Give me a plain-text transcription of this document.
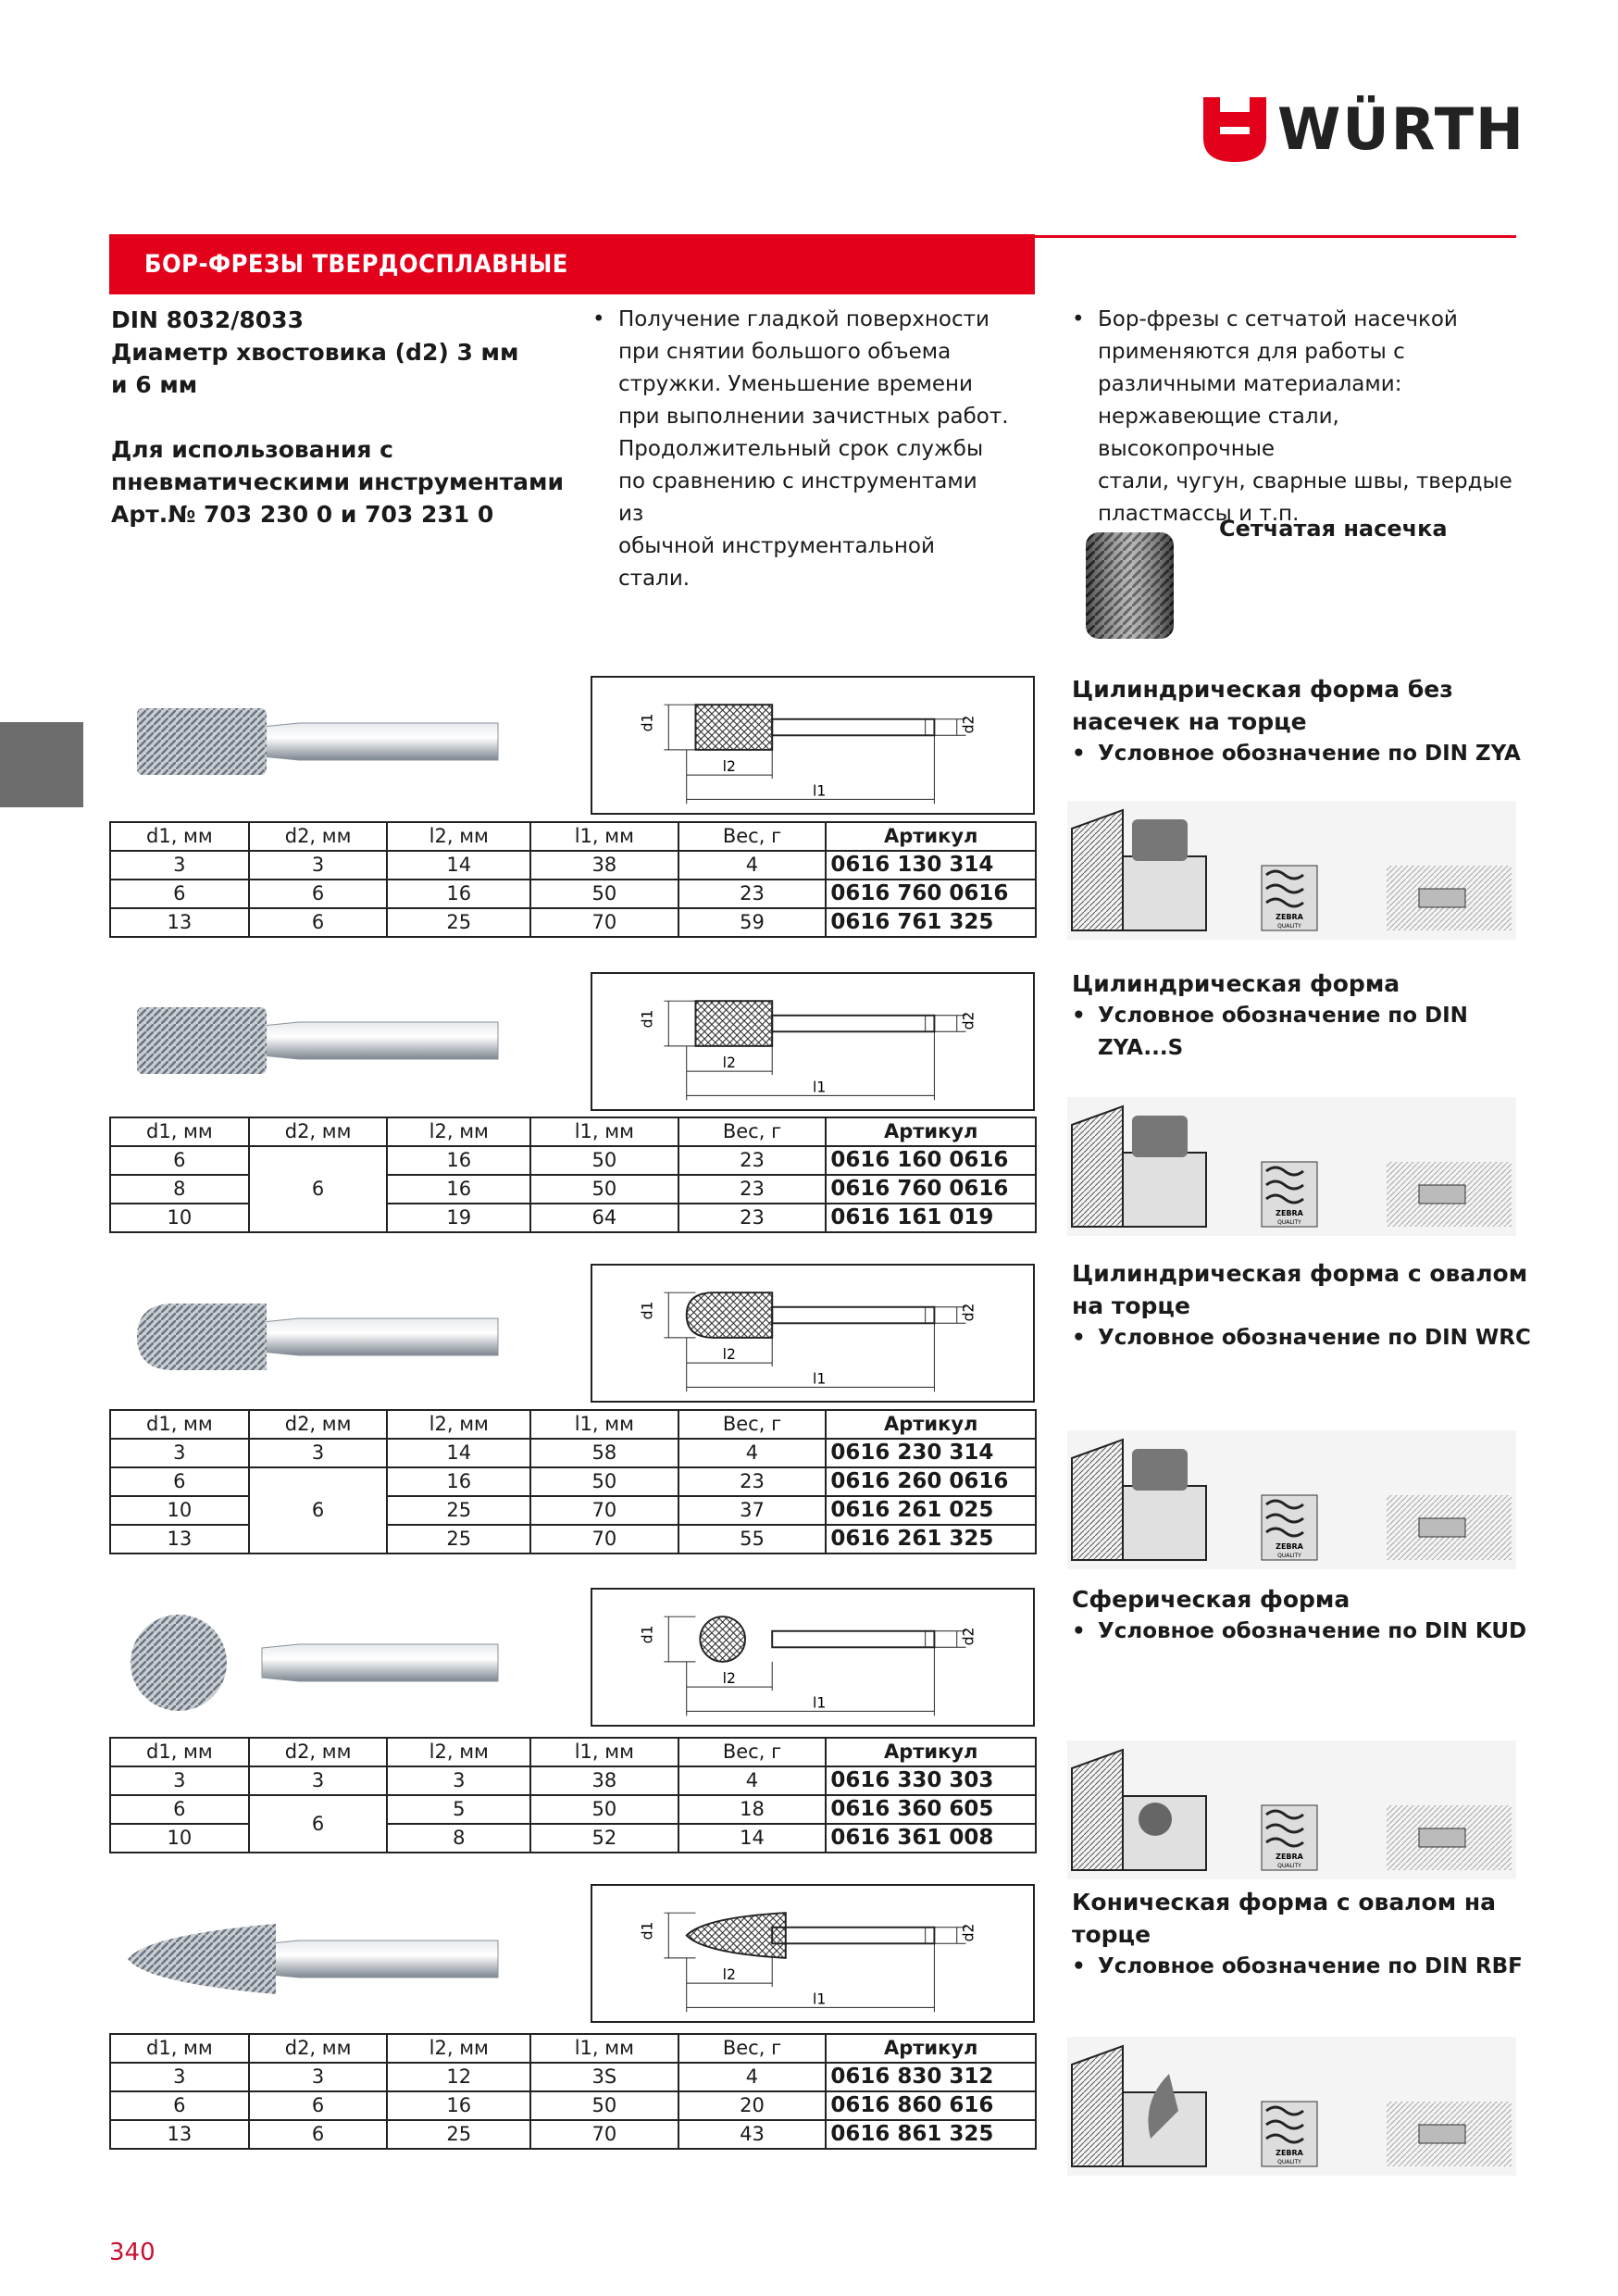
WÜRTH
БОР-ФРЕЗЫ ТВЕРДОСПЛАВНЫЕ
DIN 8032/8033
Диаметр хвостовика (d2) 3 мм
и 6 мм
Для использования с
пневматическими инструментами
Арт.№ 703 230 0 и 703 231 0
• Получение гладкой поверхности
при снятии большого объема
стружки. Уменьшение времени
при выполнении зачистных работ.
Продолжительный срок службы
по сравнению с инструментами из
обычной инструментальной стали.
• Бор-фрезы с сетчатой насечкой
применяются для работы с
различными материалами:
нержавеющие стали, высокопрочные
стали, чугун, сварные швы, твердые
пластмассы и т.п.
Сетчатая насечка
d1	d2
l2
l1
Цилиндрическая форма без
насечек на торце
• Условное обозначение по DIN ZYA
ZEBRA
QUALITY
d1, мм	d2, мм	l2, мм	l1, мм	Вес, г	Артикул
3	3	14	38	4	0616 130 314
6	6	16	50	23	0616 760 0616
13	6	25	70	59	0616 761 325
d1	d2
l2
l1
Цилиндрическая форма
• Условное обозначение по DIN ZYA...S
ZEBRA
QUALITY
d1, мм	d2, мм	l2, мм	l1, мм	Вес, г	Артикул
6	6	16	50	23	0616 160 0616
8		16	50	23	0616 760 0616
10		19	64	23	0616 161 019
d1	d2
l2
l1
Цилиндрическая форма с овалом
на торце
• Условное обозначение по DIN WRC
ZEBRA
QUALITY
d1, мм	d2, мм	l2, мм	l1, мм	Вес, г	Артикул
3	3	14	58	4	0616 230 314
6	6	16	50	23	0616 260 0616
10		25	70	37	0616 261 025
13		25	70	55	0616 261 325
d1	d2
l2
l1
Сферическая форма
• Условное обозначение по DIN KUD
ZEBRA
QUALITY
d1, мм	d2, мм	l2, мм	l1, мм	Вес, г	Артикул
3	3	3	38	4	0616 330 303
6	6	5	50	18	0616 360 605
10		8	52	14	0616 361 008
d1	d2
l2
l1
Коническая форма с овалом на
торце
• Условное обозначение по DIN RBF
ZEBRA
QUALITY
d1, мм	d2, мм	l2, мм	l1, мм	Вес, г	Артикул
3	3	12	3S	4	0616 830 312
6	6	16	50	20	0616 860 616
13	6	25	70	43	0616 861 325
340
